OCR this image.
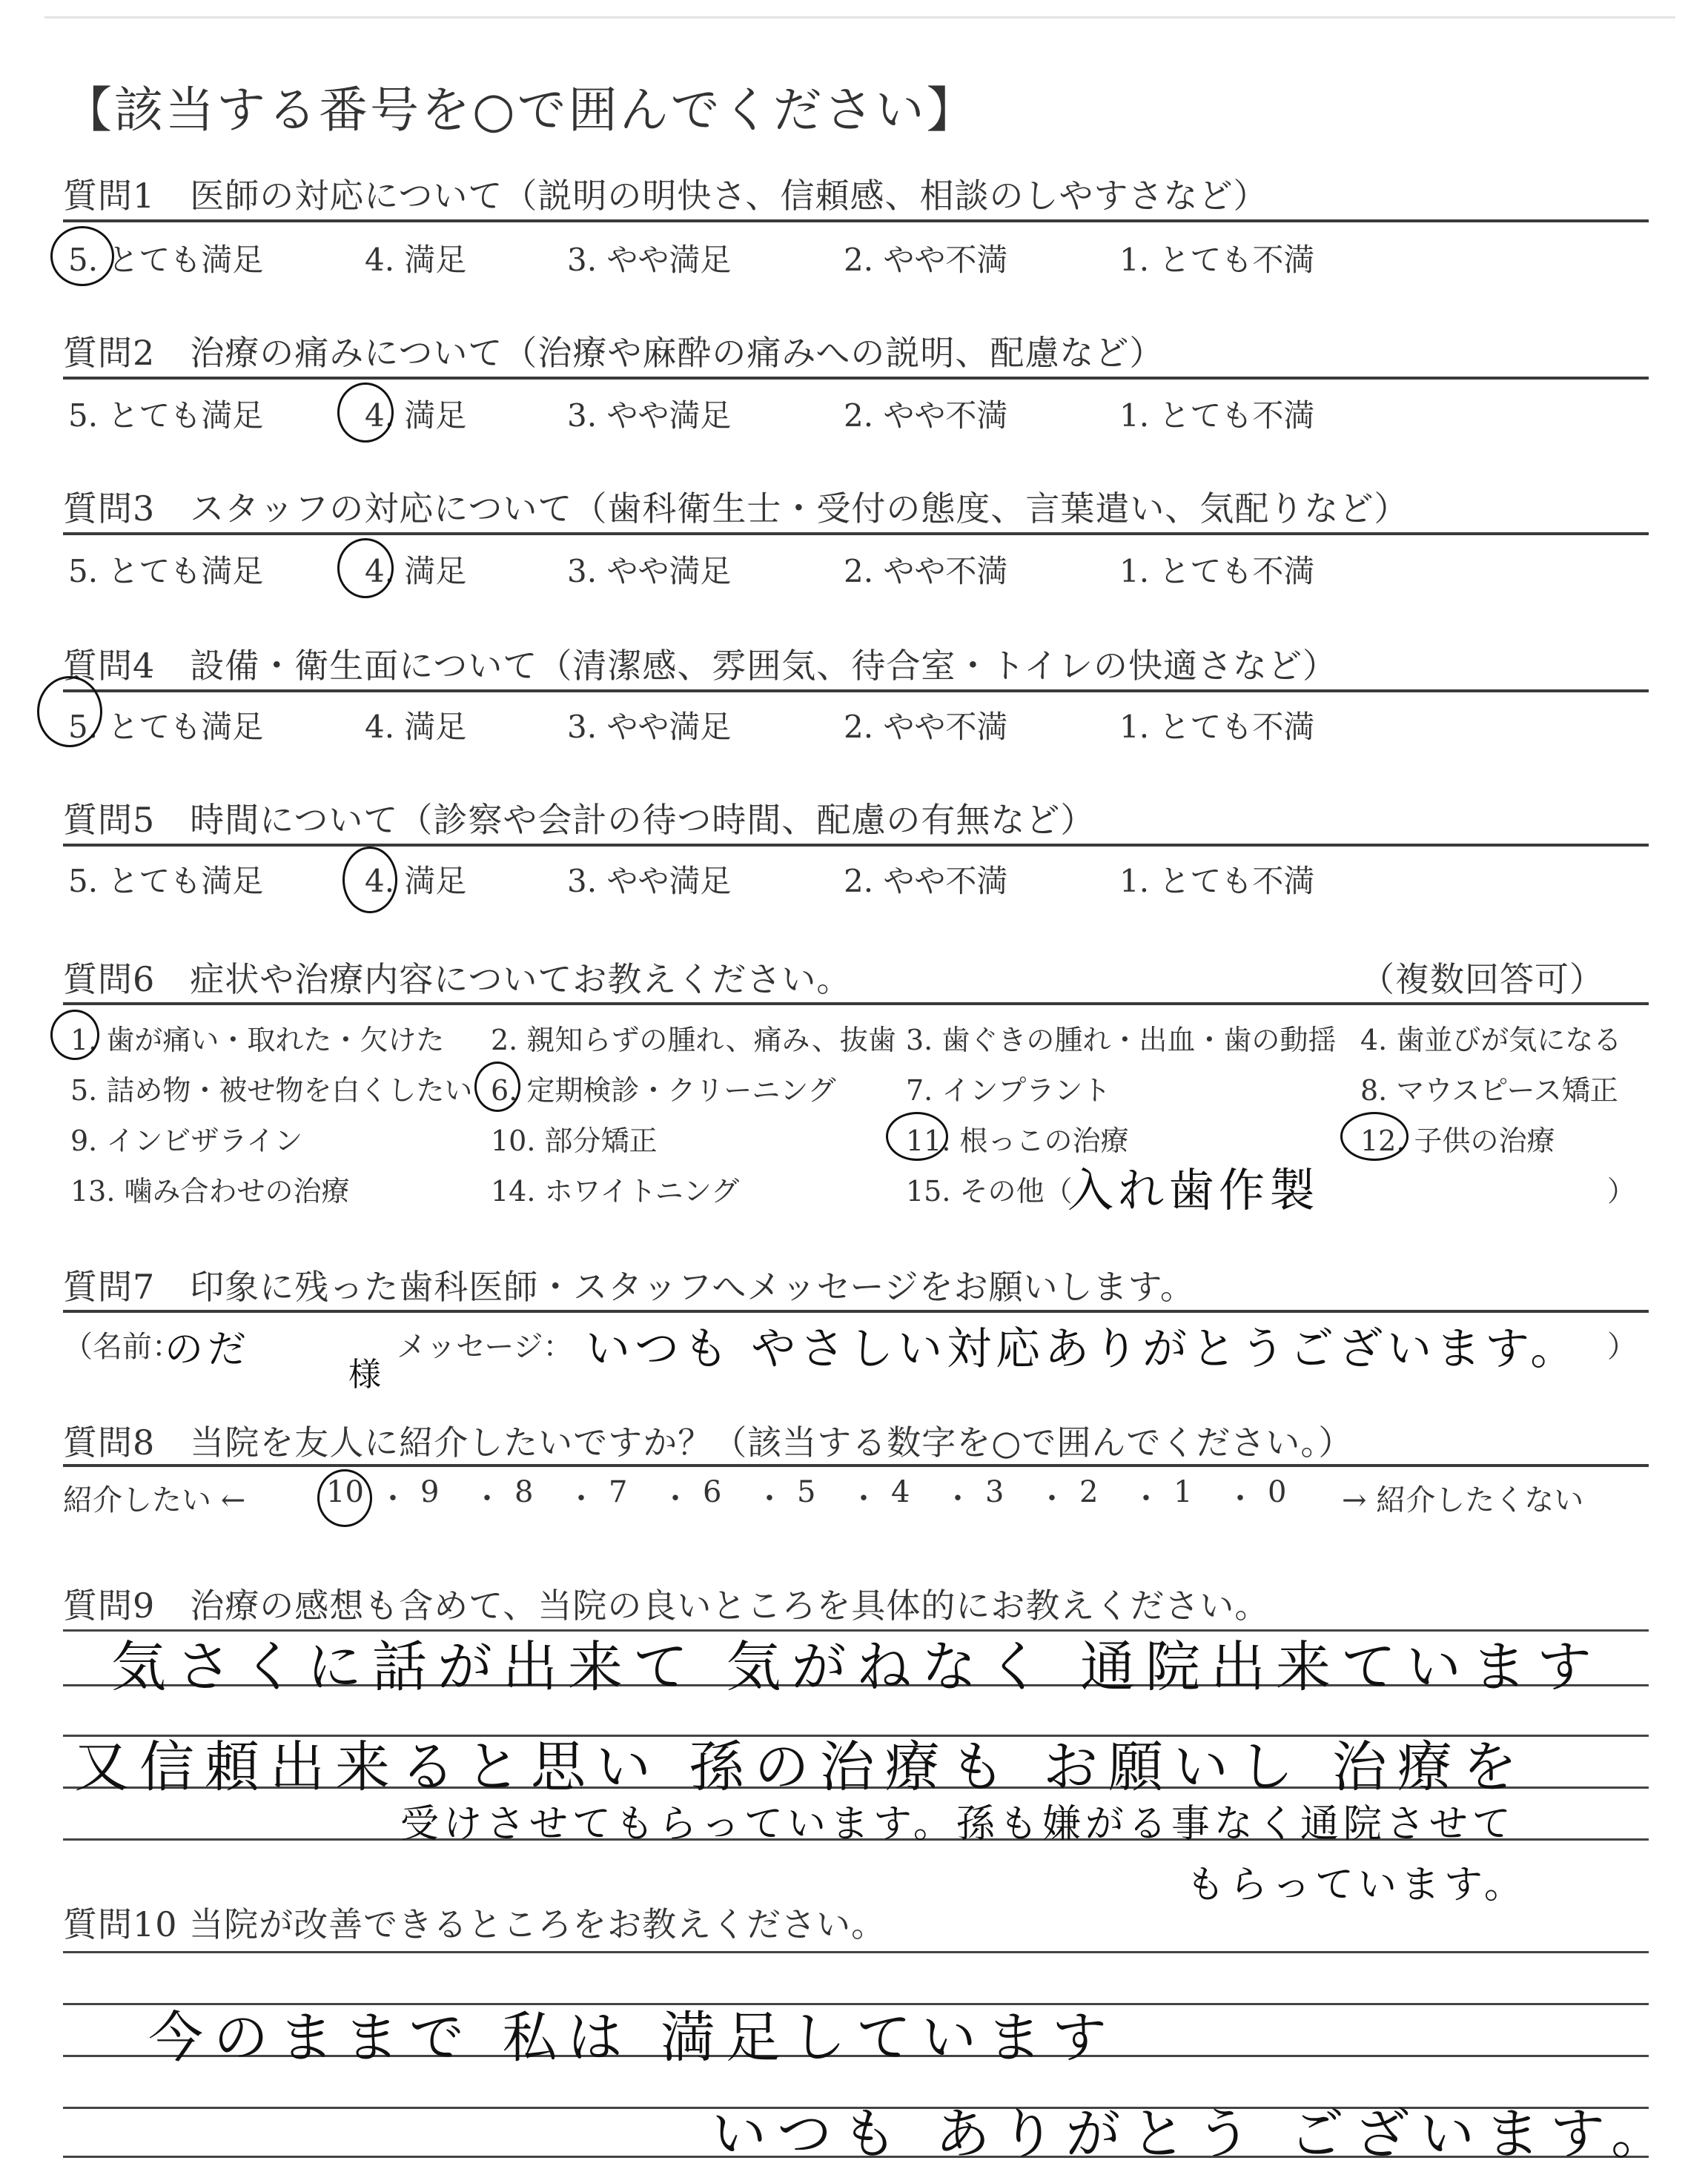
【該当する番号を○で囲んでください】
質問1　医師の対応について（説明の明快さ、信頼感、相談のしやすさなど）
5. とても満足	4. 満足	3. やや満足	2. やや不満	1. とても不満
質問2　治療の痛みについて（治療や麻酔の痛みへの説明、配慮など）
5. とても満足	4. 満足	3. やや満足	2. やや不満	1. とても不満
質問3　スタッフの対応について（歯科衛生士・受付の態度、言葉遣い、気配りなど）
5. とても満足	4. 満足	3. やや満足	2. やや不満	1. とても不満
質問4　設備・衛生面について（清潔感、雰囲気、待合室・トイレの快適さなど）
5. とても満足	4. 満足	3. やや満足	2. やや不満	1. とても不満
質問5　時間について（診察や会計の待つ時間、配慮の有無など）
5. とても満足	4. 満足	3. やや満足	2. やや不満	1. とても不満
質問6　症状や治療内容についてお教えください。	（複数回答可）
1. 歯が痛い・取れた・欠けた 2. 親知らずの腫れ、痛み、抜歯 3. 歯ぐきの腫れ・出血・歯の動揺 4. 歯並びが気になる
5. 詰め物・被せ物を白くしたい 6. 定期検診・クリーニング 7. インプラント	8. マウスピース矯正
9. インビザライン	10. 部分矯正	11. 根っこの治療	12. 子供の治療
13. 噛み合わせの治療	14. ホワイトニング	15. その他（	）
入れ歯作製
質問7　印象に残った歯科医師・スタッフへメッセージをお願いします。
（名前：
のだ
様
メッセージ： いつも やさしい対応ありがとうございます。 ）
質問8　当院を友人に紹介したいですか？（該当する数字を○で囲んでください。）
紹介したい ←	→ 紹介したくない
10 ・ 9 ・ 8 ・ 7 ・ 6 ・ 5 ・ 4 ・ 3 ・ 2 ・ 1 ・ 0
質問9　治療の感想も含めて、当院の良いところを具体的にお教えください。
気さくに話が出来て 気がねなく 通院出来ています
又信頼出来ると思い 孫の治療も お願いし 治療を
受けさせてもらっています。孫も嫌がる事なく通院させて
もらっています。
質問10 当院が改善できるところをお教えください。
今のままで 私は 満足しています
いつも ありがとう ございます。
